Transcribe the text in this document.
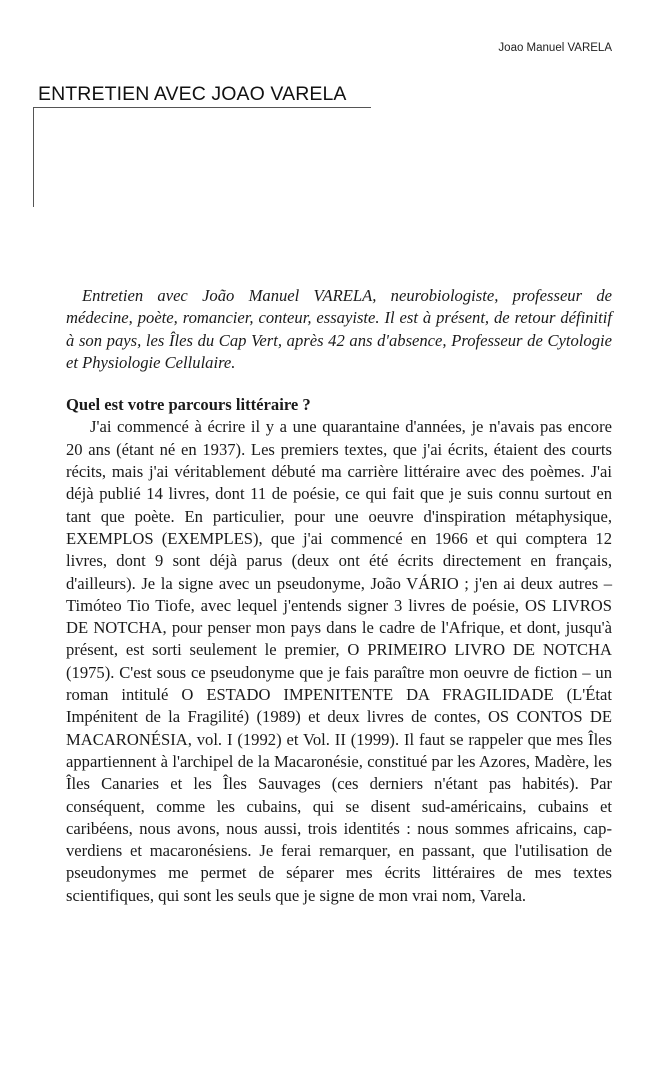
Joao Manuel VARELA
ENTRETIEN AVEC JOAO VARELA

Entretien avec João Manuel VARELA, neurobiologiste, professeur de médecine, poète, romancier, conteur, essayiste. Il est à présent, de retour définitif à son pays, les Îles du Cap Vert, après 42 ans d'absence, Professeur de Cytologie et Physiologie Cellulaire.

Quel est votre parcours littéraire ?

J'ai commencé à écrire il y a une quarantaine d'années, je n'avais pas encore 20 ans (étant né en 1937). Les premiers textes, que j'ai écrits, étaient des courts récits, mais j'ai véritablement débuté ma carrière littéraire avec des poèmes. J'ai déjà publié 14 livres, dont 11 de poésie, ce qui fait que je suis connu surtout en tant que poète. En particulier, pour une oeuvre d'inspiration métaphysique, EXEMPLOS (EXEMPLES), que j'ai commencé en 1966 et qui comptera 12 livres, dont 9 sont déjà parus (deux ont été écrits directement en français, d'ailleurs). Je la signe avec un pseudonyme, João VÁRIO ; j'en ai deux autres – Timóteo Tio Tiofe, avec lequel j'entends signer 3 livres de poésie, OS LIVROS DE NOTCHA, pour penser mon pays dans le cadre de l'Afrique, et dont, jusqu'à présent, est sorti seulement le premier, O PRIMEIRO LIVRO DE NOTCHA (1975). C'est sous ce pseudonyme que je fais paraître mon oeuvre de fiction – un roman intitulé O ESTADO IMPENITENTE DA FRAGILIDADE (L'État Impénitent de la Fragilité) (1989) et deux livres de contes, OS CONTOS DE MACARONÉSIA, vol. I (1992) et Vol. II (1999). Il faut se rappeler que mes Îles appartiennent à l'archipel de la Macaronésie, constitué par les Azores, Madère, les Îles Canaries et les Îles Sauvages (ces derniers n'étant pas habités). Par conséquent, comme les cubains, qui se disent sud-américains, cubains et caribéens, nous avons, nous aussi, trois identités : nous sommes africains, cap-verdiens et macaronésiens. Je ferai remarquer, en passant, que l'utilisation de pseudonymes me permet de séparer mes écrits littéraires de mes textes scientifiques, qui sont les seuls que je signe de mon vrai nom, Varela.
